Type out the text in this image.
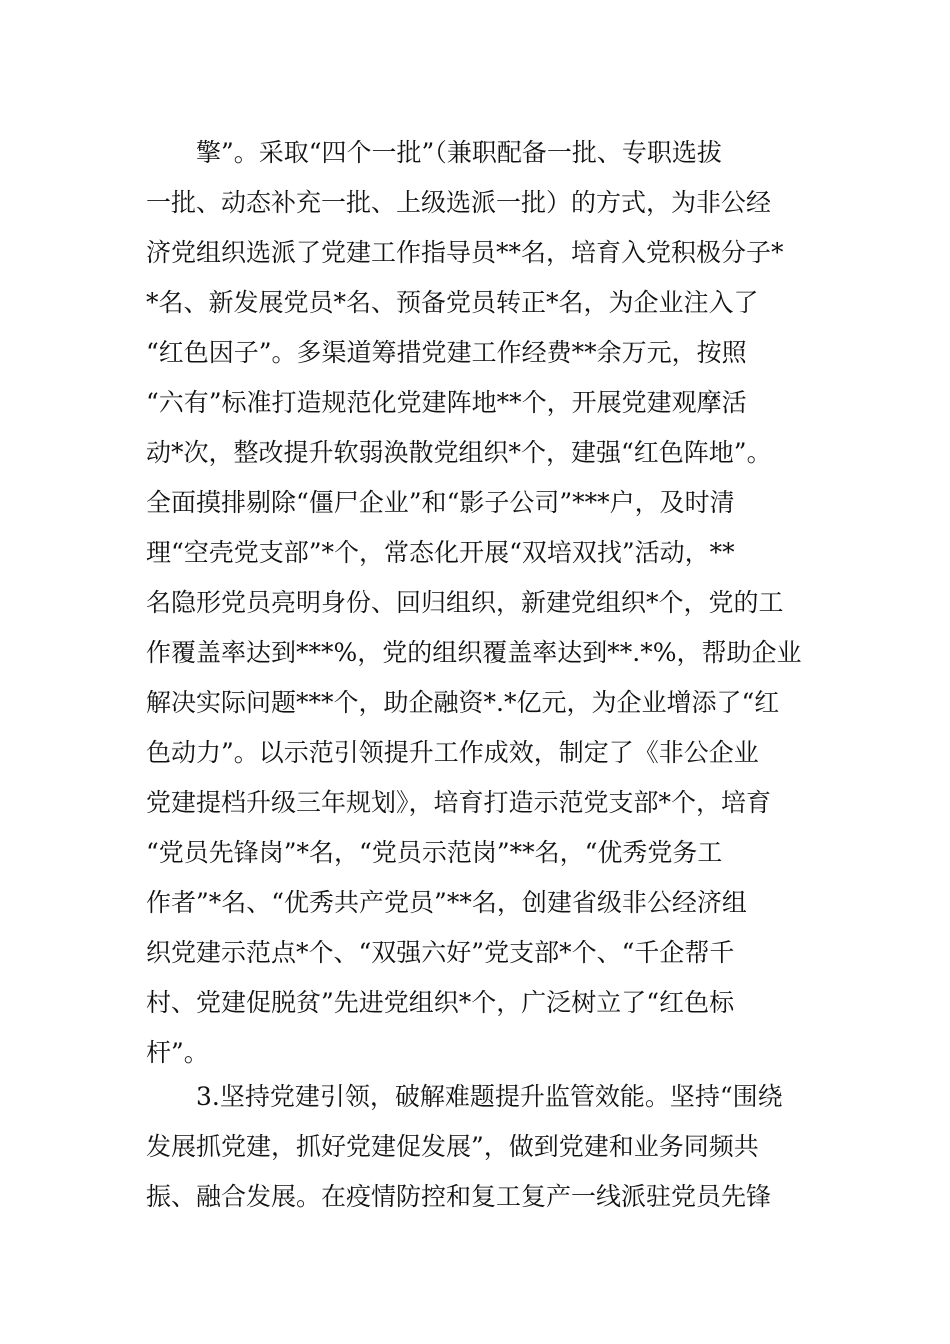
擎”。采取“四个一批”（兼职配备一批、专职选拔
一批、动态补充一批、上级选派一批）的方式，为非公经
济党组织选派了党建工作指导员**名，培育入党积极分子*
*名、新发展党员*名、预备党员转正*名，为企业注入了
“红色因子”。多渠道筹措党建工作经费**余万元，按照
“六有”标准打造规范化党建阵地**个，开展党建观摩活
动*次，整改提升软弱涣散党组织*个，建强“红色阵地”。
全面摸排剔除“僵尸企业”和“影子公司”***户，及时清
理“空壳党支部”*个，常态化开展“双培双找”活动，**
名隐形党员亮明身份、回归组织，新建党组织*个，党的工
作覆盖率达到***%，党的组织覆盖率达到**.*%，帮助企业
解决实际问题***个，助企融资*.*亿元，为企业增添了“红
色动力”。以示范引领提升工作成效，制定了《非公企业
党建提档升级三年规划》，培育打造示范党支部*个，培育
“党员先锋岗”*名，“党员示范岗”**名，“优秀党务工
作者”*名、“优秀共产党员”**名，创建省级非公经济组
织党建示范点*个、“双强六好”党支部*个、“千企帮千
村、党建促脱贫”先进党组织*个，广泛树立了“红色标
杆”。
3.坚持党建引领，破解难题提升监管效能。坚持“围绕
发展抓党建，抓好党建促发展”，做到党建和业务同频共
振、融合发展。在疫情防控和复工复产一线派驻党员先锋
